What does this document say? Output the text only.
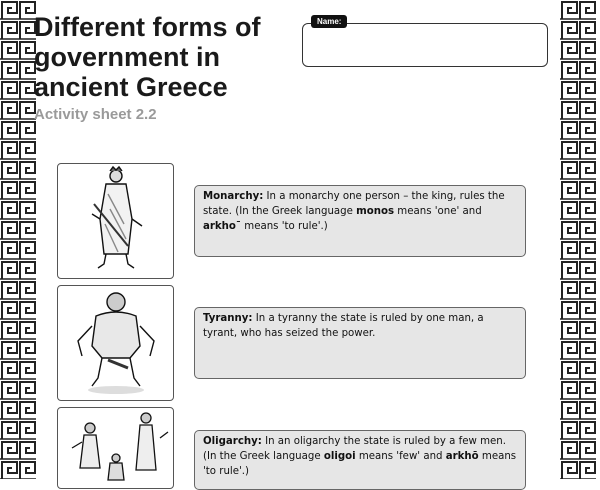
Different forms of government in ancient Greece
Activity sheet 2.2
Name:
Monarchy: In a monarchy one person – the king, rules the state. (In the Greek language monos means 'one' and arkho¯ means 'to rule'.)
Tyranny: In a tyranny the state is ruled by one man, a tyrant, who has seized the power.
Oligarchy: In an oligarchy the state is ruled by a few men. (In the Greek language oligoi means 'few' and arkhō means 'to rule'.)
